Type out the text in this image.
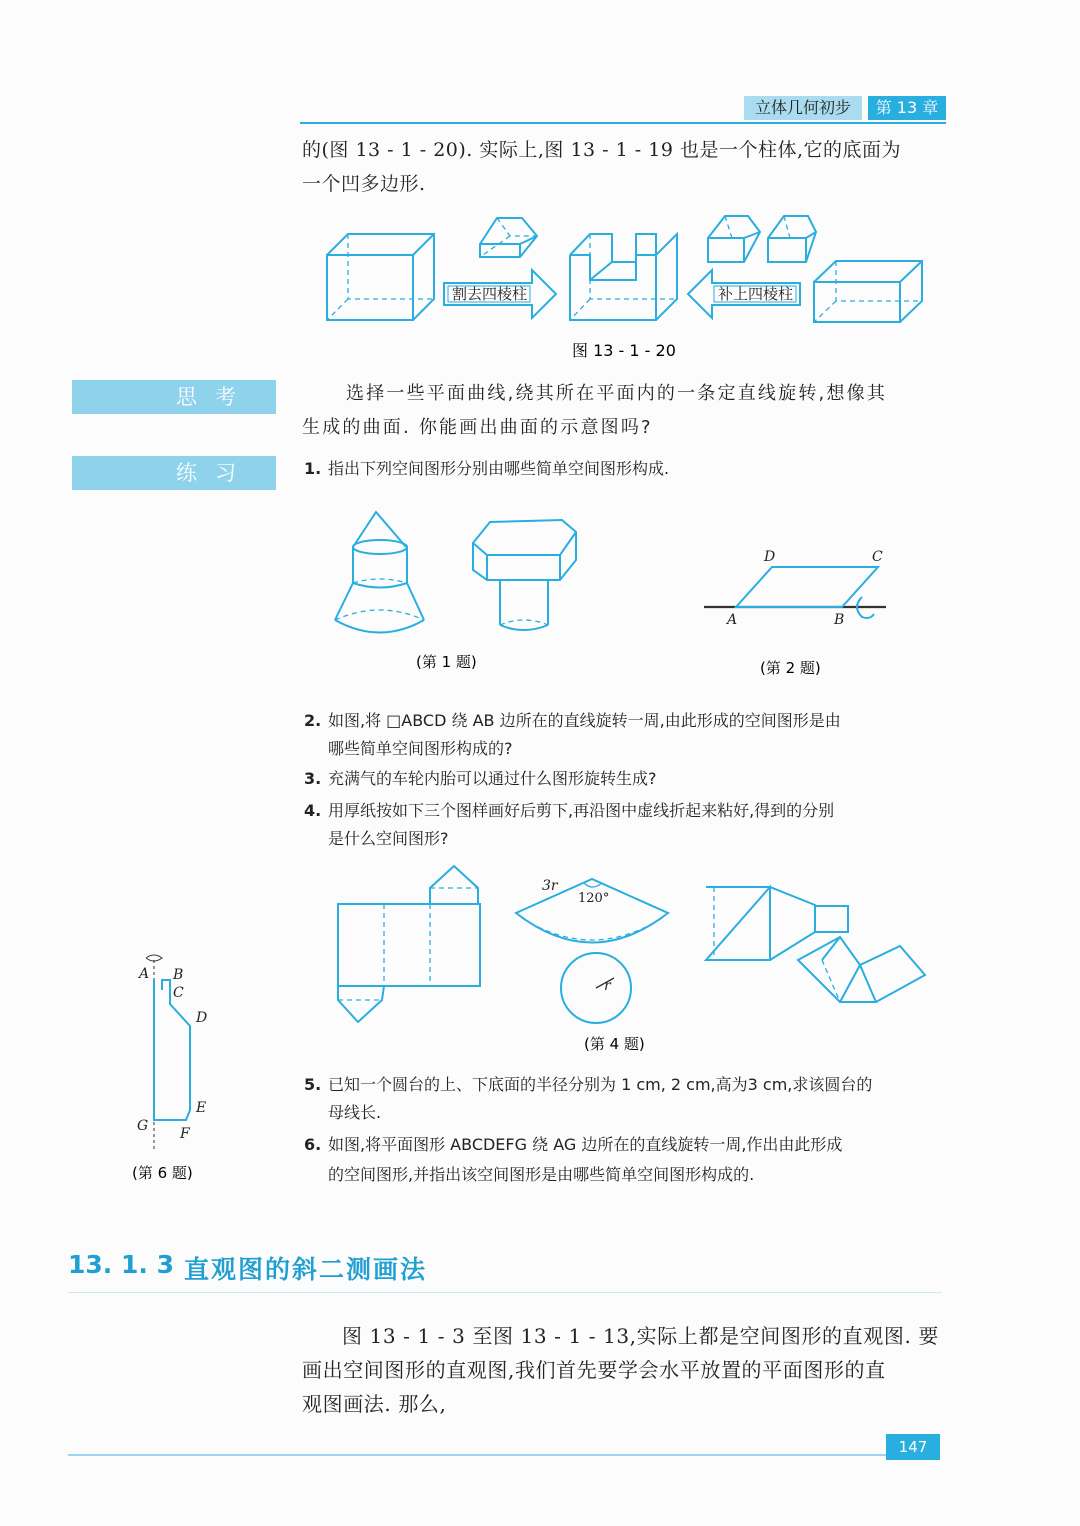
立体几何初步	第 13 章
的(图 13 - 1 - 20). 实际上,图 13 - 1 - 19 也是一个柱体,它的底面为
一个凹多边形.
割去四棱柱	补上四棱柱
图 13 - 1 - 20
思考	选择一些平面曲线,绕其所在平面内的一条定直线旋转,想像其
生成的曲面. 你能画出曲面的示意图吗?
练习	1. 指出下列空间图形分别由哪些简单空间图形构成.
A	B
C
D
(第 1 题)	(第 2 题)
2. 如图,将 □ABCD 绕 AB 边所在的直线旋转一周,由此形成的空间图形是由
哪些简单空间图形构成的?
3. 充满气的车轮内胎可以通过什么图形旋转生成?
4. 用厚纸按如下三个图样画好后剪下,再沿图中虚线折起来粘好,得到的分别
是什么空间图形?
3r
120°
r
(第 4 题)
A B
C
D
E
F
G
(第 6 题)
5. 已知一个圆台的上、下底面的半径分别为 1 cm, 2 cm,高为3 cm,求该圆台的
母线长.
6. 如图,将平面图形 ABCDEFG 绕 AG 边所在的直线旋转一周,作出由此形成
的空间图形,并指出该空间图形是由哪些简单空间图形构成的.
13. 1. 3 直观图的斜二测画法
图 13 - 1 - 3 至图 13 - 1 - 13,实际上都是空间图形的直观图. 要
画出空间图形的直观图,我们首先要学会水平放置的平面图形的直
观图画法. 那么,
147
